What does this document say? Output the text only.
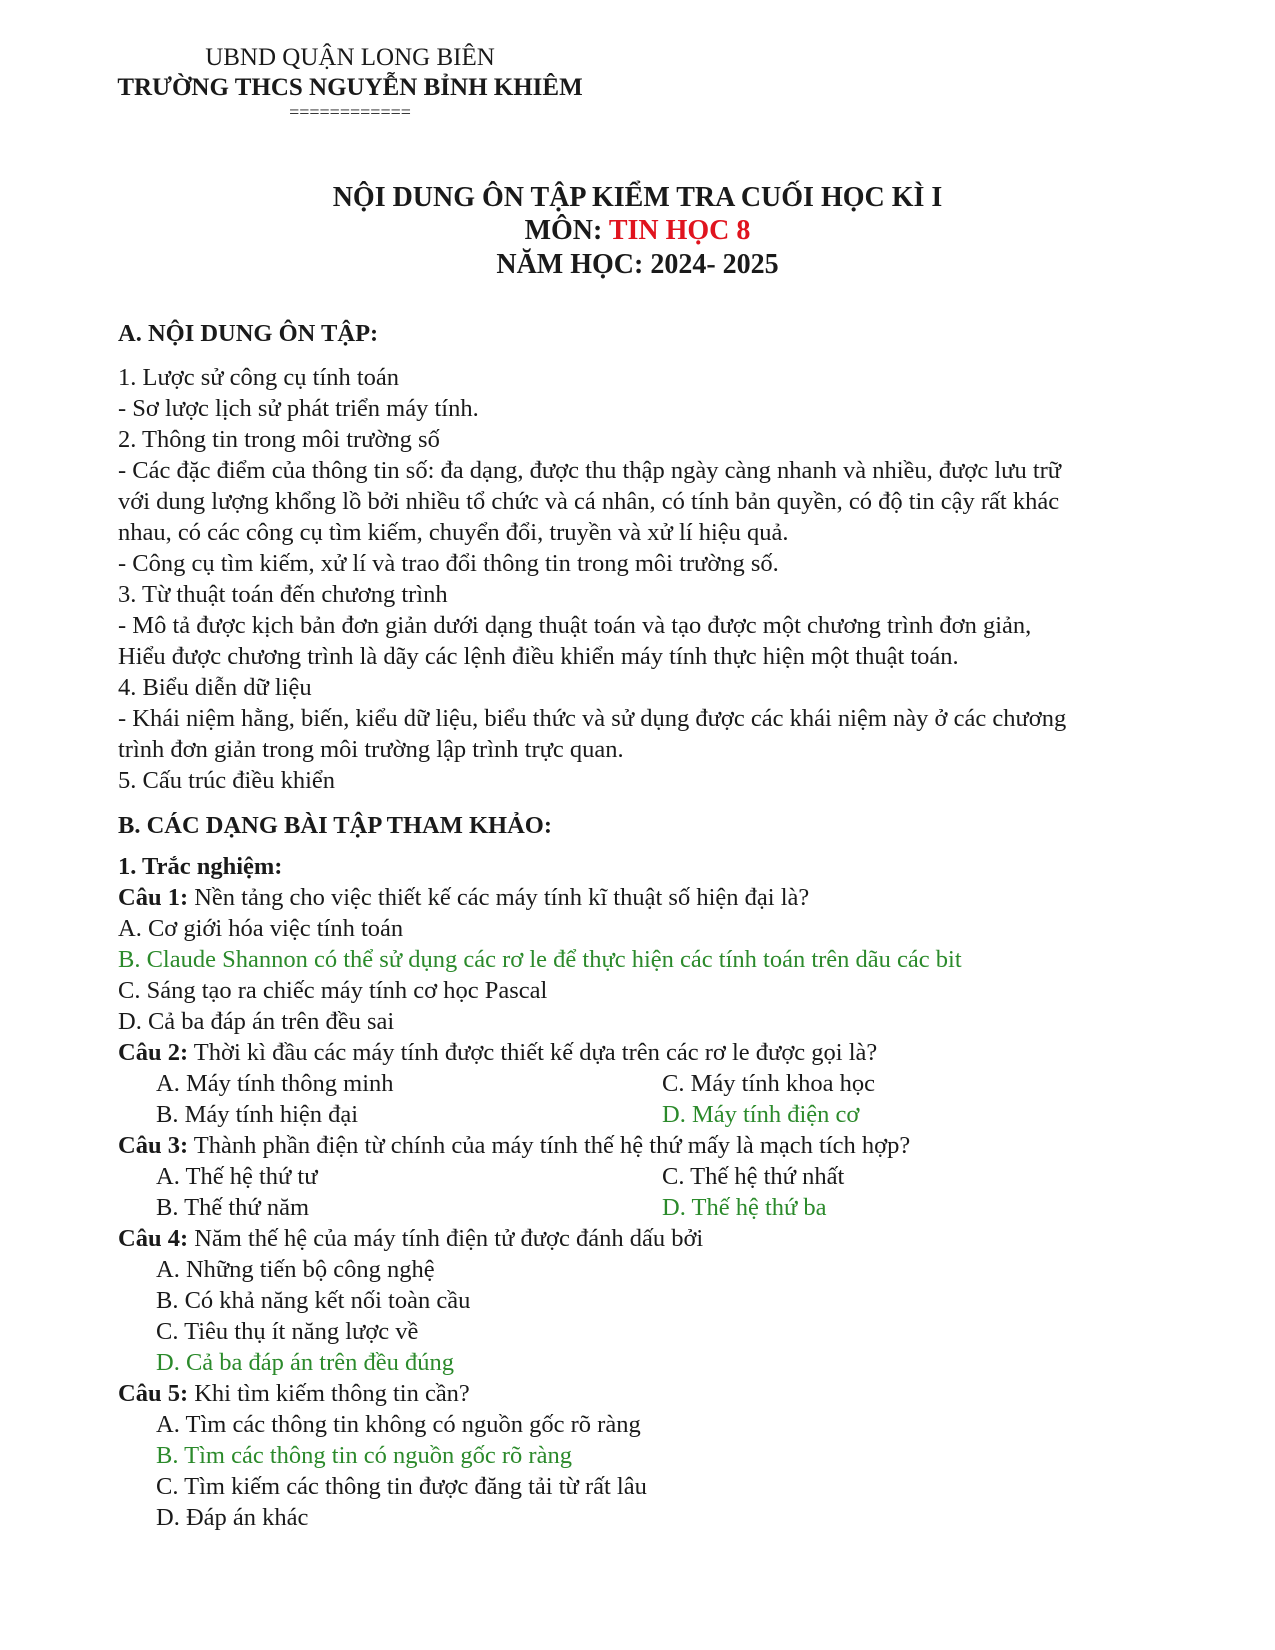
UBND QUẬN LONG BIÊN
TRƯỜNG THCS NGUYỄN BỈNH KHIÊM
============
NỘI DUNG ÔN TẬP KIỂM TRA CUỐI HỌC KÌ I
MÔN: TIN HỌC 8
NĂM HỌC: 2024- 2025

A. NỘI DUNG ÔN TẬP:

1. Lược sử công cụ tính toán

- Sơ lược lịch sử phát triển máy tính.

2. Thông tin trong môi trường số

- Các đặc điểm của thông tin số: đa dạng, được thu thập ngày càng nhanh và nhiều, được lưu trữ

với dung lượng khổng lồ bởi nhiều tổ chức và cá nhân, có tính bản quyền, có độ tin cậy rất khác

nhau, có các công cụ tìm kiếm, chuyển đổi, truyền và xử lí hiệu quả.

- Công cụ tìm kiếm, xử lí và trao đổi thông tin trong môi trường số.

3. Từ thuật toán đến chương trình

- Mô tả được kịch bản đơn giản dưới dạng thuật toán và tạo được một chương trình đơn giản,

Hiểu được chương trình là dãy các lệnh điều khiển máy tính thực hiện một thuật toán.

4. Biểu diễn dữ liệu

- Khái niệm hằng, biến, kiểu dữ liệu, biểu thức và sử dụng được các khái niệm này ở các chương

trình đơn giản trong môi trường lập trình trực quan.

5. Cấu trúc điều khiển

B. CÁC DẠNG BÀI TẬP THAM KHẢO:

1. Trắc nghiệm:

Câu 1: Nền tảng cho việc thiết kế các máy tính kĩ thuật số hiện đại là?

A. Cơ giới hóa việc tính toán

B. Claude Shannon có thể sử dụng các rơ le để thực hiện các tính toán trên dãu các bit

C. Sáng tạo ra chiếc máy tính cơ học Pascal

D. Cả ba đáp án trên đều sai

Câu 2: Thời kì đầu các máy tính được thiết kế dựa trên các rơ le được gọi là?

A. Máy tính thông minh	C. Máy tính khoa học
B. Máy tính hiện đại	D. Máy tính điện cơ

Câu 3: Thành phần điện từ chính của máy tính thế hệ thứ mấy là mạch tích hợp?

A. Thế hệ thứ tư	C. Thế hệ thứ nhất
B. Thế thứ năm	D. Thế hệ thứ ba

Câu 4: Năm thế hệ của máy tính điện tử được đánh dấu bởi

A. Những tiến bộ công nghệ

B. Có khả năng kết nối toàn cầu

C. Tiêu thụ ít năng lược về

D. Cả ba đáp án trên đều đúng

Câu 5: Khi tìm kiếm thông tin cần?

A. Tìm các thông tin không có nguồn gốc rõ ràng

B. Tìm các thông tin có nguồn gốc rõ ràng

C. Tìm kiếm các thông tin được đăng tải từ rất lâu

D. Đáp án khác
